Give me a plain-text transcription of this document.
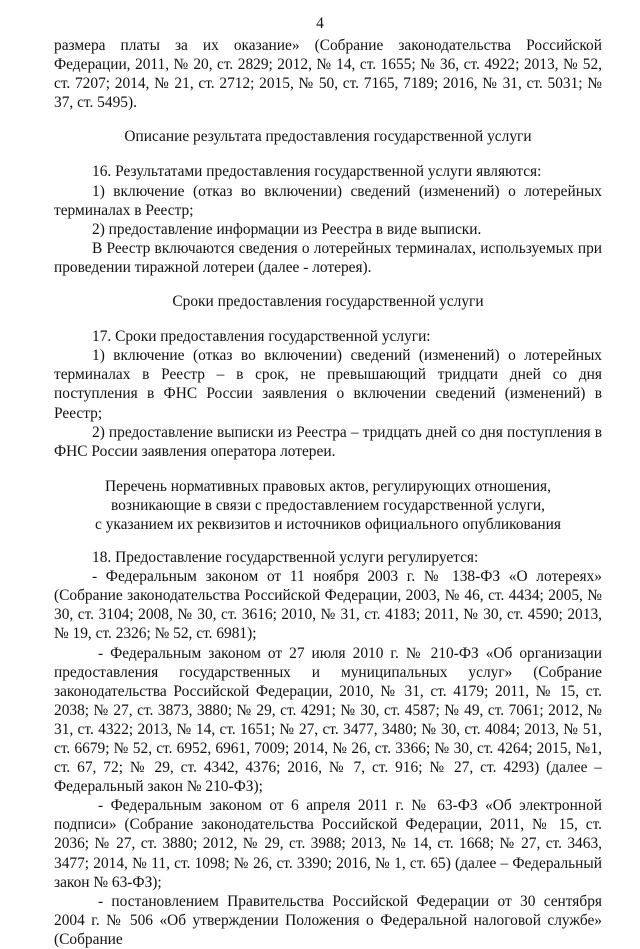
4

размера платы за их оказание» (Собрание законодательства Российской Федерации, 2011, № 20, ст. 2829; 2012, № 14, ст. 1655; № 36, ст. 4922; 2013, № 52, ст. 7207; 2014, № 21, ст. 2712; 2015, № 50, ст. 7165, 7189; 2016, № 31, ст. 5031; № 37, ст. 5495).

Описание результата предоставления государственной услуги

16. Результатами предоставления государственной услуги являются:

1) включение (отказ во включении) сведений (изменений) о лотерейных терминалах в Реестр;

2) предоставление информации из Реестра в виде выписки.

В Реестр включаются сведения о лотерейных терминалах, используемых при проведении тиражной лотереи (далее - лотерея).

Сроки предоставления государственной услуги

17. Сроки предоставления государственной услуги:

1) включение (отказ во включении) сведений (изменений) о лотерейных терминалах в Реестр – в срок, не превышающий тридцати дней со дня поступления в ФНС России заявления о включении сведений (изменений) в Реестр;

2) предоставление выписки из Реестра – тридцать дней со дня поступления в ФНС России заявления оператора лотереи.

Перечень нормативных правовых актов, регулирующих отношения,

возникающие в связи с предоставлением государственной услуги,

с указанием их реквизитов и источников официального опубликования

18. Предоставление государственной услуги регулируется:

- Федеральным законом от 11 ноября 2003 г. № 138-ФЗ «О лотереях» (Собрание законодательства Российской Федерации, 2003, № 46, ст. 4434; 2005, № 30, ст. 3104; 2008, № 30, ст. 3616; 2010, № 31, ст. 4183; 2011, № 30, ст. 4590; 2013, № 19, ст. 2326; № 52, ст. 6981);

- Федеральным законом от 27 июля 2010 г. № 210-ФЗ «Об организации предоставления государственных и муниципальных услуг» (Собрание законодательства Российской Федерации, 2010, № 31, ст. 4179; 2011, № 15, ст. 2038; № 27, ст. 3873, 3880; № 29, ст. 4291; № 30, ст. 4587; № 49, ст. 7061; 2012, № 31, ст. 4322; 2013, № 14, ст. 1651; № 27, ст. 3477, 3480; № 30, ст. 4084; 2013, № 51, ст. 6679; № 52, ст. 6952, 6961, 7009; 2014, № 26, ст. 3366; № 30, ст. 4264; 2015, №1, ст. 67, 72; № 29, ст. 4342, 4376; 2016, № 7, ст. 916; № 27, ст. 4293) (далее – Федеральный закон № 210-ФЗ);

- Федеральным законом от 6 апреля 2011 г. № 63-ФЗ «Об электронной подписи» (Собрание законодательства Российской Федерации, 2011, № 15, ст. 2036; № 27, ст. 3880; 2012, № 29, ст. 3988; 2013, № 14, ст. 1668; № 27, ст. 3463, 3477; 2014, № 11, ст. 1098; № 26, ст. 3390; 2016, № 1, ст. 65) (далее – Федеральный закон № 63-ФЗ);

- постановлением Правительства Российской Федерации от 30 сентября 2004 г. № 506 «Об утверждении Положения о Федеральной налоговой службе» (Собрание
